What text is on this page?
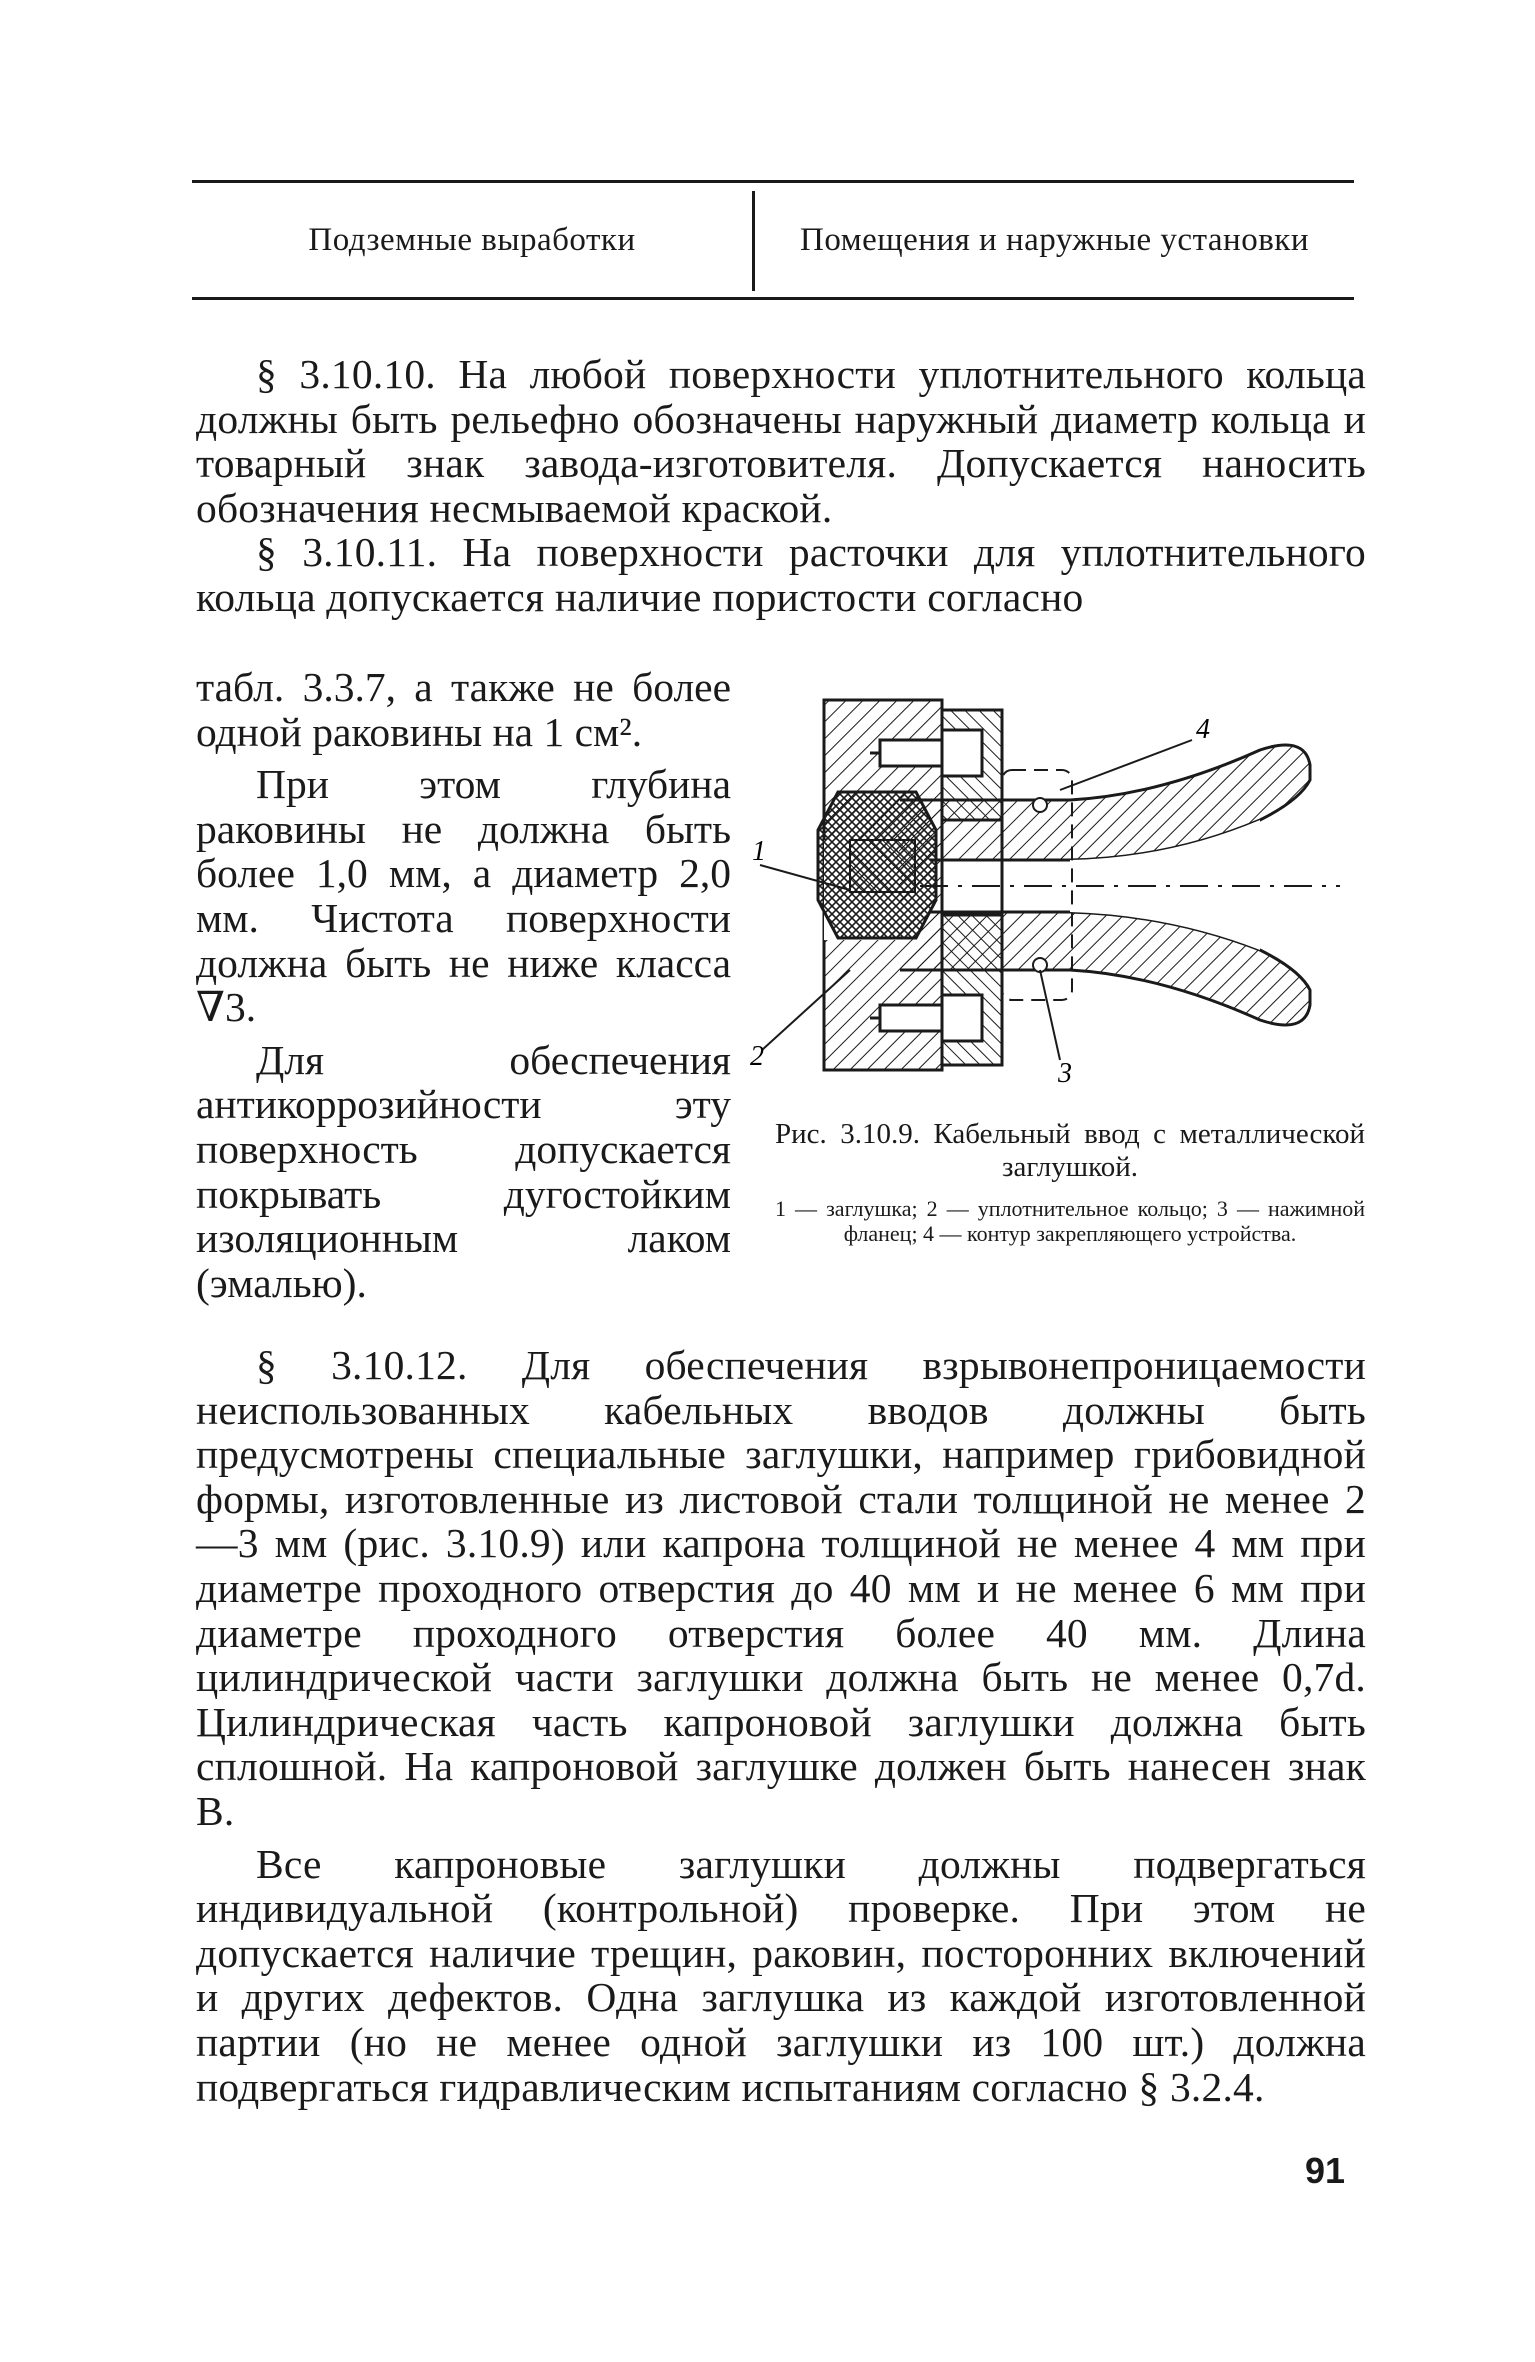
Подземные выработки	Помещения и наружные установки

§ 3.10.10. На любой поверхности уплотнительного кольца должны быть рельефно обозначены наружный диаметр кольца и товарный знак завода-изготовителя. Допускается наносить обозначения несмываемой краской.

§ 3.10.11. На поверхности расточки для уплотнительного кольца допускается наличие пористости согласно

табл. 3.3.7, а также не более одной раковины на 1 см².

При этом глубина раковины не должна быть более 1,0 мм, а диаметр 2,0 мм. Чистота поверхности должна быть не ниже класса ∇3.

Для обеспечения антикоррозийности эту поверхность допускается покрывать дугостойким изоляционным лаком (эмалью).

1
2
3
4
Рис. 3.10.9. Кабельный ввод с металлической заглушкой.
1 — заглушка; 2 — уплотнительное кольцо; 3 — нажимной фланец; 4 — контур закрепляющего устройства.

§ 3.10.12. Для обеспечения взрывонепроницаемости неиспользованных кабельных вводов должны быть предусмотрены специальные заглушки, например грибовидной формы, изготовленные из листовой стали толщиной не менее 2—3 мм (рис. 3.10.9) или капрона толщиной не менее 4 мм при диаметре проходного отверстия до 40 мм и не менее 6 мм при диаметре проходного отверстия более 40 мм. Длина цилиндрической части заглушки должна быть не менее 0,7d. Цилиндрическая часть капроновой заглушки должна быть сплошной. На капроновой заглушке должен быть нанесен знак В.

Все капроновые заглушки должны подвергаться индивидуальной (контрольной) проверке. При этом не допускается наличие трещин, раковин, посторонних включений и других дефектов. Одна заглушка из каждой изготовленной партии (но не менее одной заглушки из 100 шт.) должна подвергаться гидравлическим испытаниям согласно § 3.2.4.

91
